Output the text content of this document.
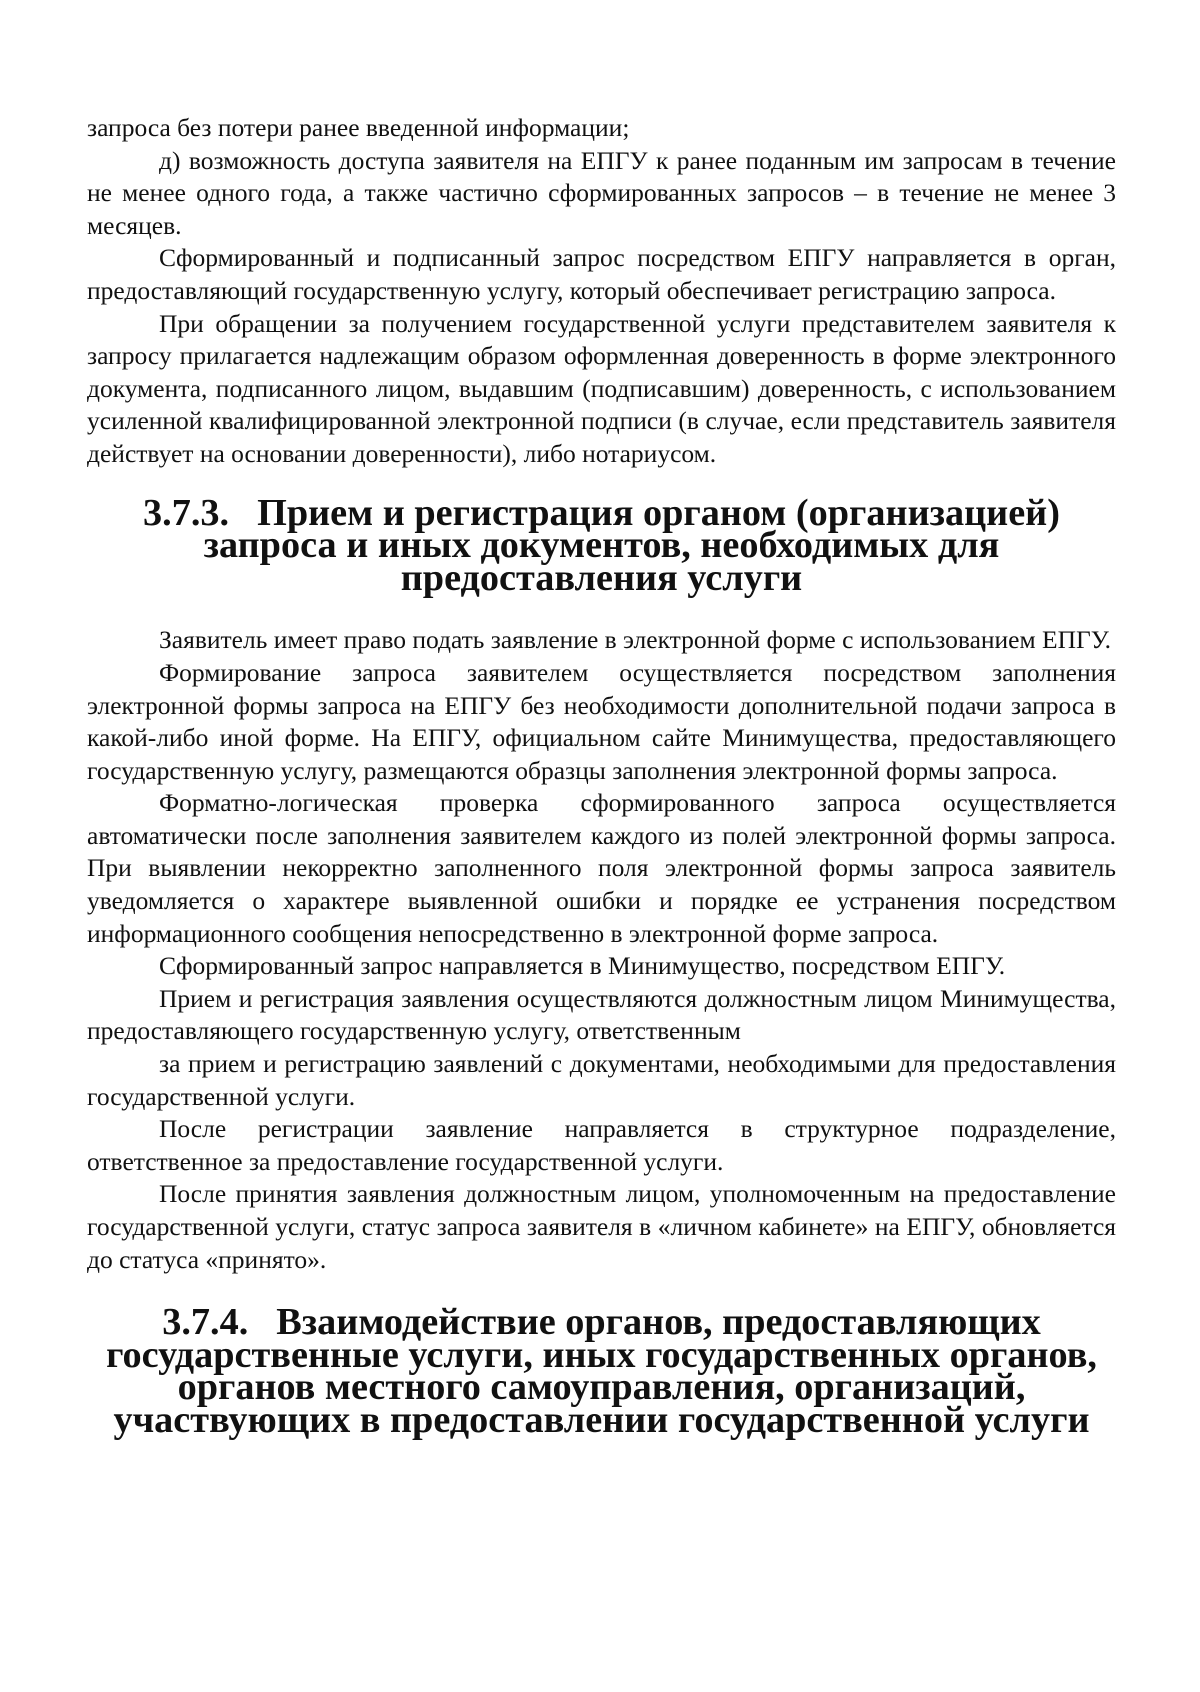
запроса без потери ранее введенной информации;

д) возможность доступа заявителя на ЕПГУ к ранее поданным им запросам в течение не менее одного года, а также частично сформированных запросов – в течение не менее 3 месяцев.

Сформированный и подписанный запрос посредством ЕПГУ направляется в орган, предоставляющий государственную услугу, который обеспечивает регистрацию запроса.

При обращении за получением государственной услуги представителем заявителя к запросу прилагается надлежащим образом оформленная доверенность в форме электронного документа, подписанного лицом, выдавшим (подписавшим) доверенность, с использованием усиленной квалифицированной электронной подписи (в случае, если представитель заявителя действует на основании доверенности), либо нотариусом.

3.7.3. Прием и регистрация органом (организацией) запроса и иных документов, необходимых для предоставления услуги

Заявитель имеет право подать заявление в электронной форме с использованием ЕПГУ.

Формирование запроса заявителем осуществляется посредством заполнения электронной формы запроса на ЕПГУ без необходимости дополнительной подачи запроса в какой-либо иной форме. На ЕПГУ, официальном сайте Минимущества, предоставляющего государственную услугу, размещаются образцы заполнения электронной формы запроса.

Форматно-логическая проверка сформированного запроса осуществляется автоматически после заполнения заявителем каждого из полей электронной формы запроса. При выявлении некорректно заполненного поля электронной формы запроса заявитель уведомляется о характере выявленной ошибки и порядке ее устранения посредством информационного сообщения непосредственно в электронной форме запроса.

Сформированный запрос направляется в Минимущество, посредством ЕПГУ.

Прием и регистрация заявления осуществляются должностным лицом Минимущества, предоставляющего государственную услугу, ответственным

за прием и регистрацию заявлений с документами, необходимыми для предоставления государственной услуги.

После регистрации заявление направляется в структурное подразделение, ответственное за предоставление государственной услуги.

После принятия заявления должностным лицом, уполномоченным на предоставление государственной услуги, статус запроса заявителя в «личном кабинете» на ЕПГУ, обновляется до статуса «принято».

3.7.4. Взаимодействие органов, предоставляющих государственные услуги, иных государственных органов, органов местного самоуправления, организаций, участвующих в предоставлении государственной услуги
